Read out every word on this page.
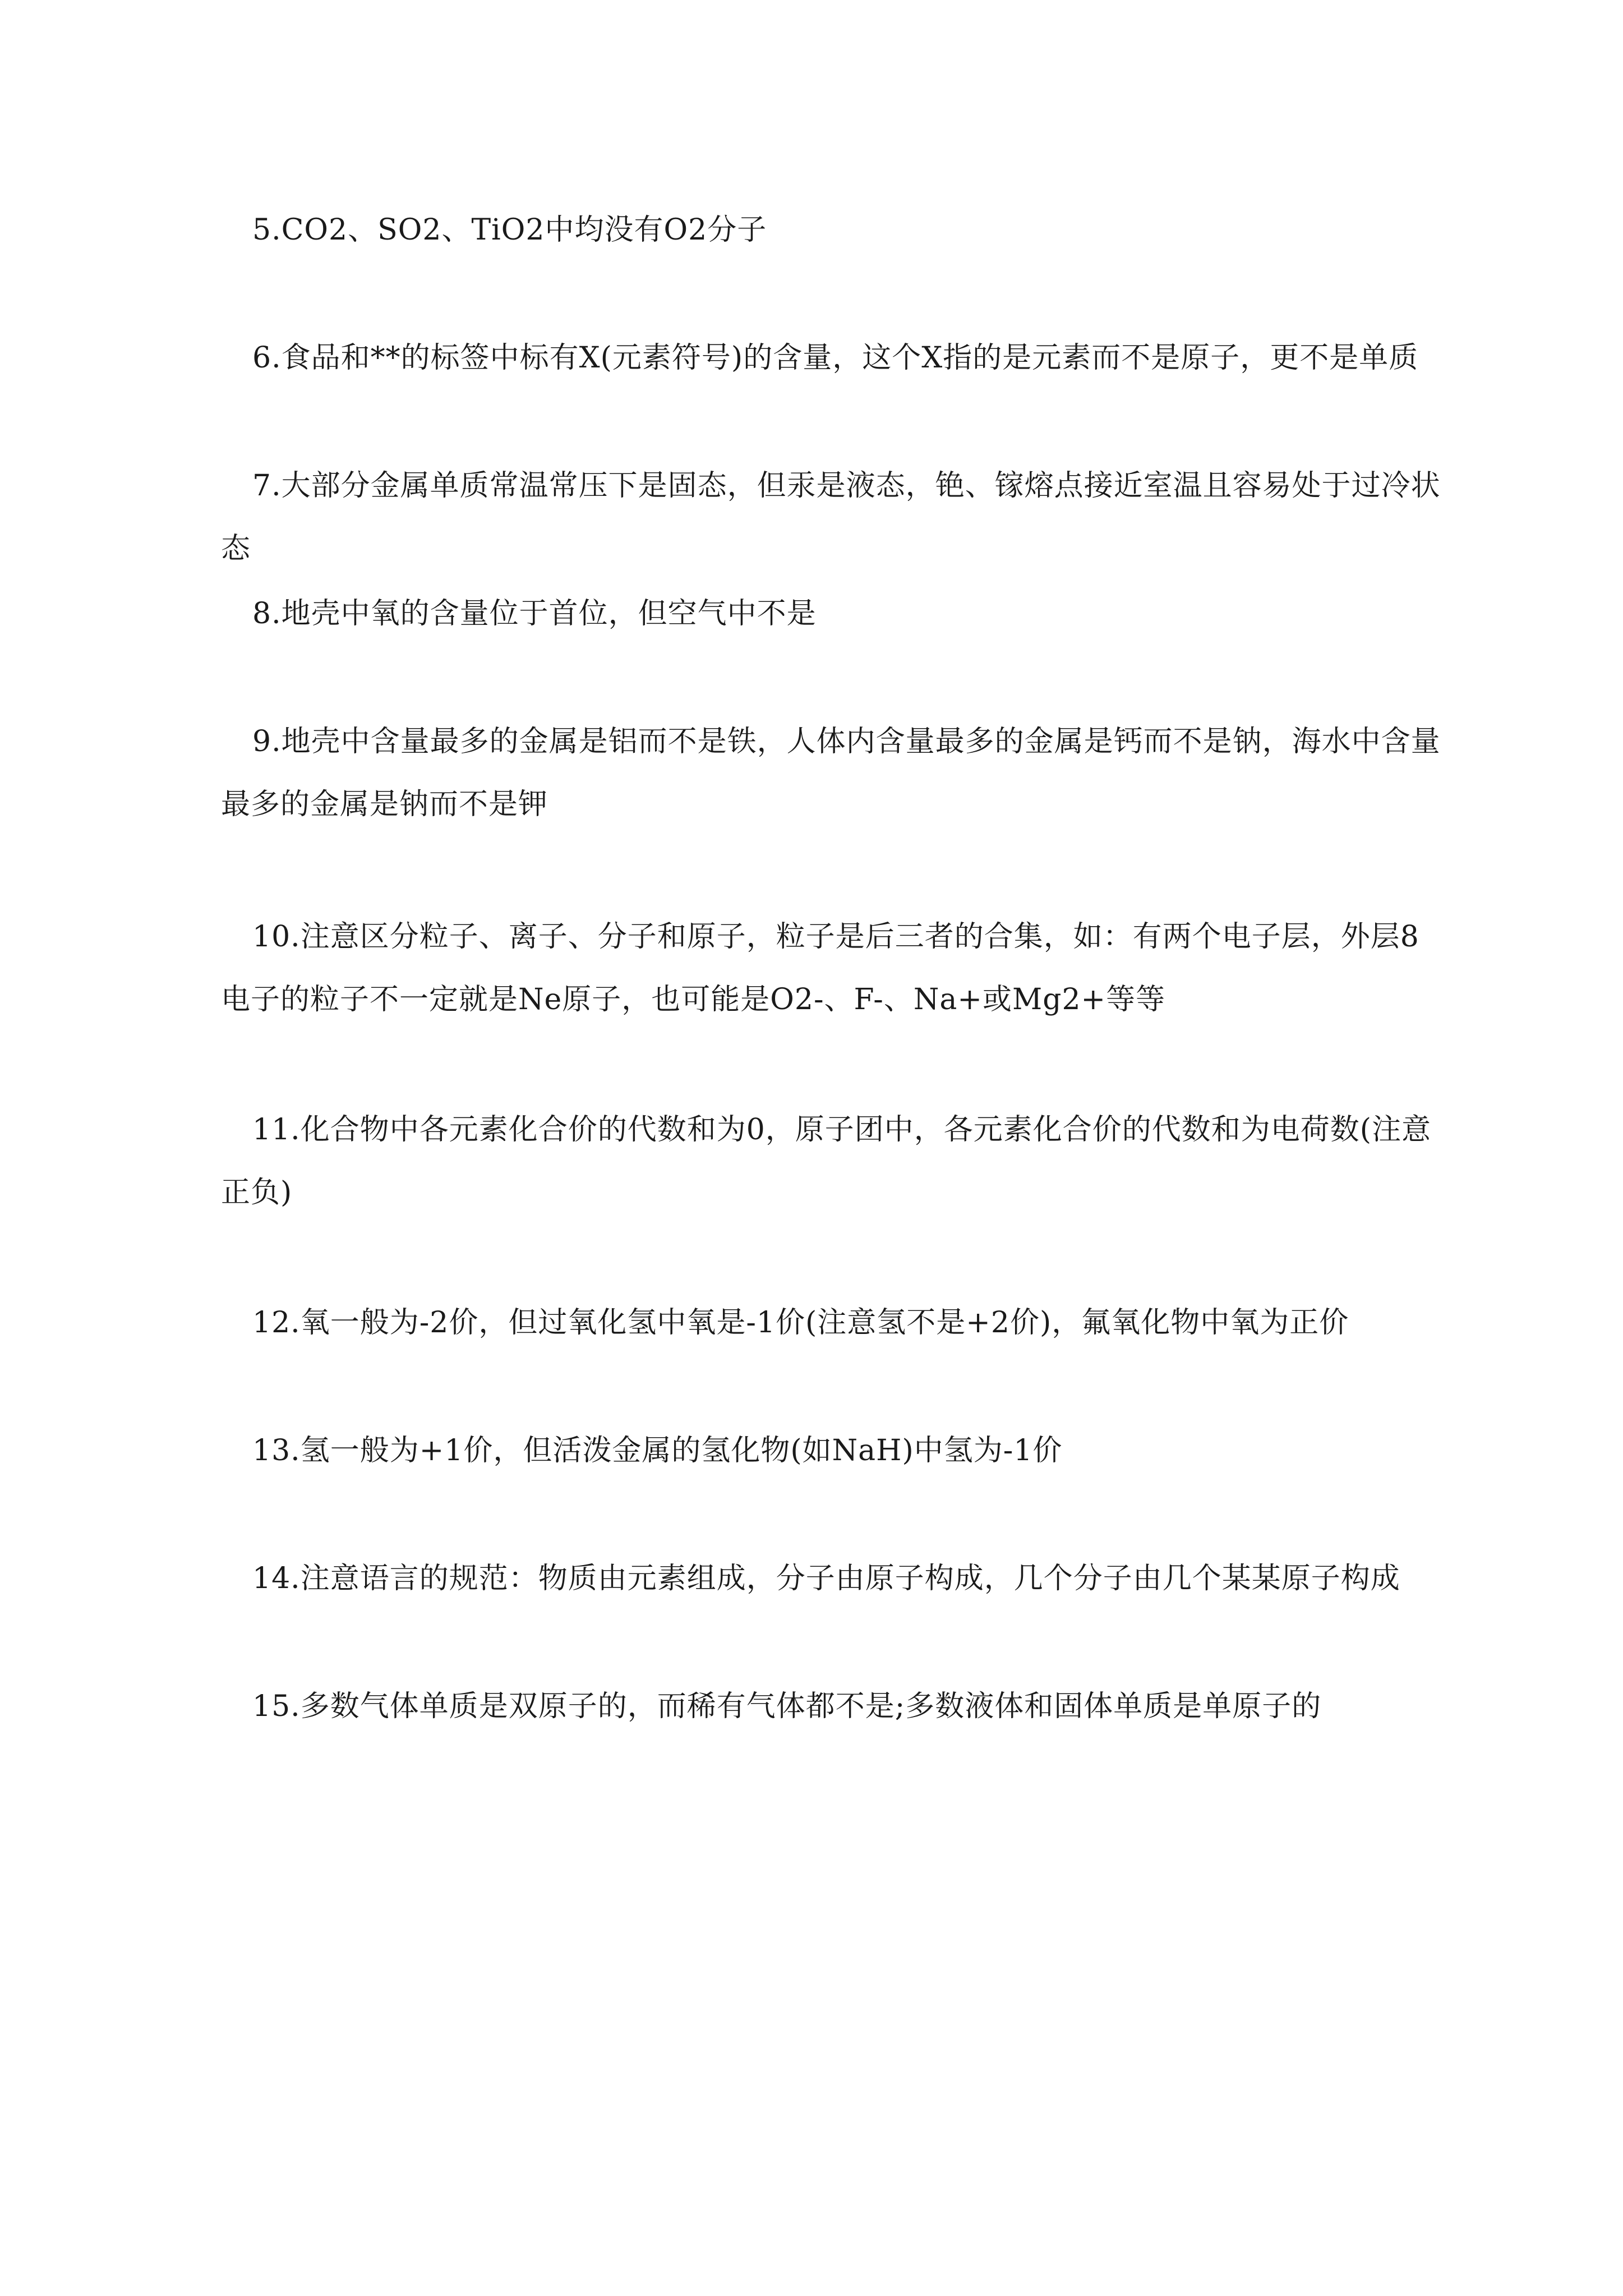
5.CO2、SO2、TiO2中均没有O2分子

6.食品和**的标签中标有X(元素符号)的含量，这个X指的是元素而不是原子，更不是单质

7.大部分金属单质常温常压下是固态，但汞是液态，铯、镓熔点接近室温且容易处于过冷状态

8.地壳中氧的含量位于首位，但空气中不是

9.地壳中含量最多的金属是铝而不是铁，人体内含量最多的金属是钙而不是钠，海水中含量最多的金属是钠而不是钾

10.注意区分粒子、离子、分子和原子，粒子是后三者的合集，如：有两个电子层，外层8电子的粒子不一定就是Ne原子，也可能是O2-、F-、Na+或Mg2+等等

11.化合物中各元素化合价的代数和为0，原子团中，各元素化合价的代数和为电荷数(注意正负)

12.氧一般为-2价，但过氧化氢中氧是-1价(注意氢不是+2价)，氟氧化物中氧为正价

13.氢一般为+1价，但活泼金属的氢化物(如NaH)中氢为-1价

14.注意语言的规范：物质由元素组成，分子由原子构成，几个分子由几个某某原子构成

15.多数气体单质是双原子的，而稀有气体都不是;多数液体和固体单质是单原子的
